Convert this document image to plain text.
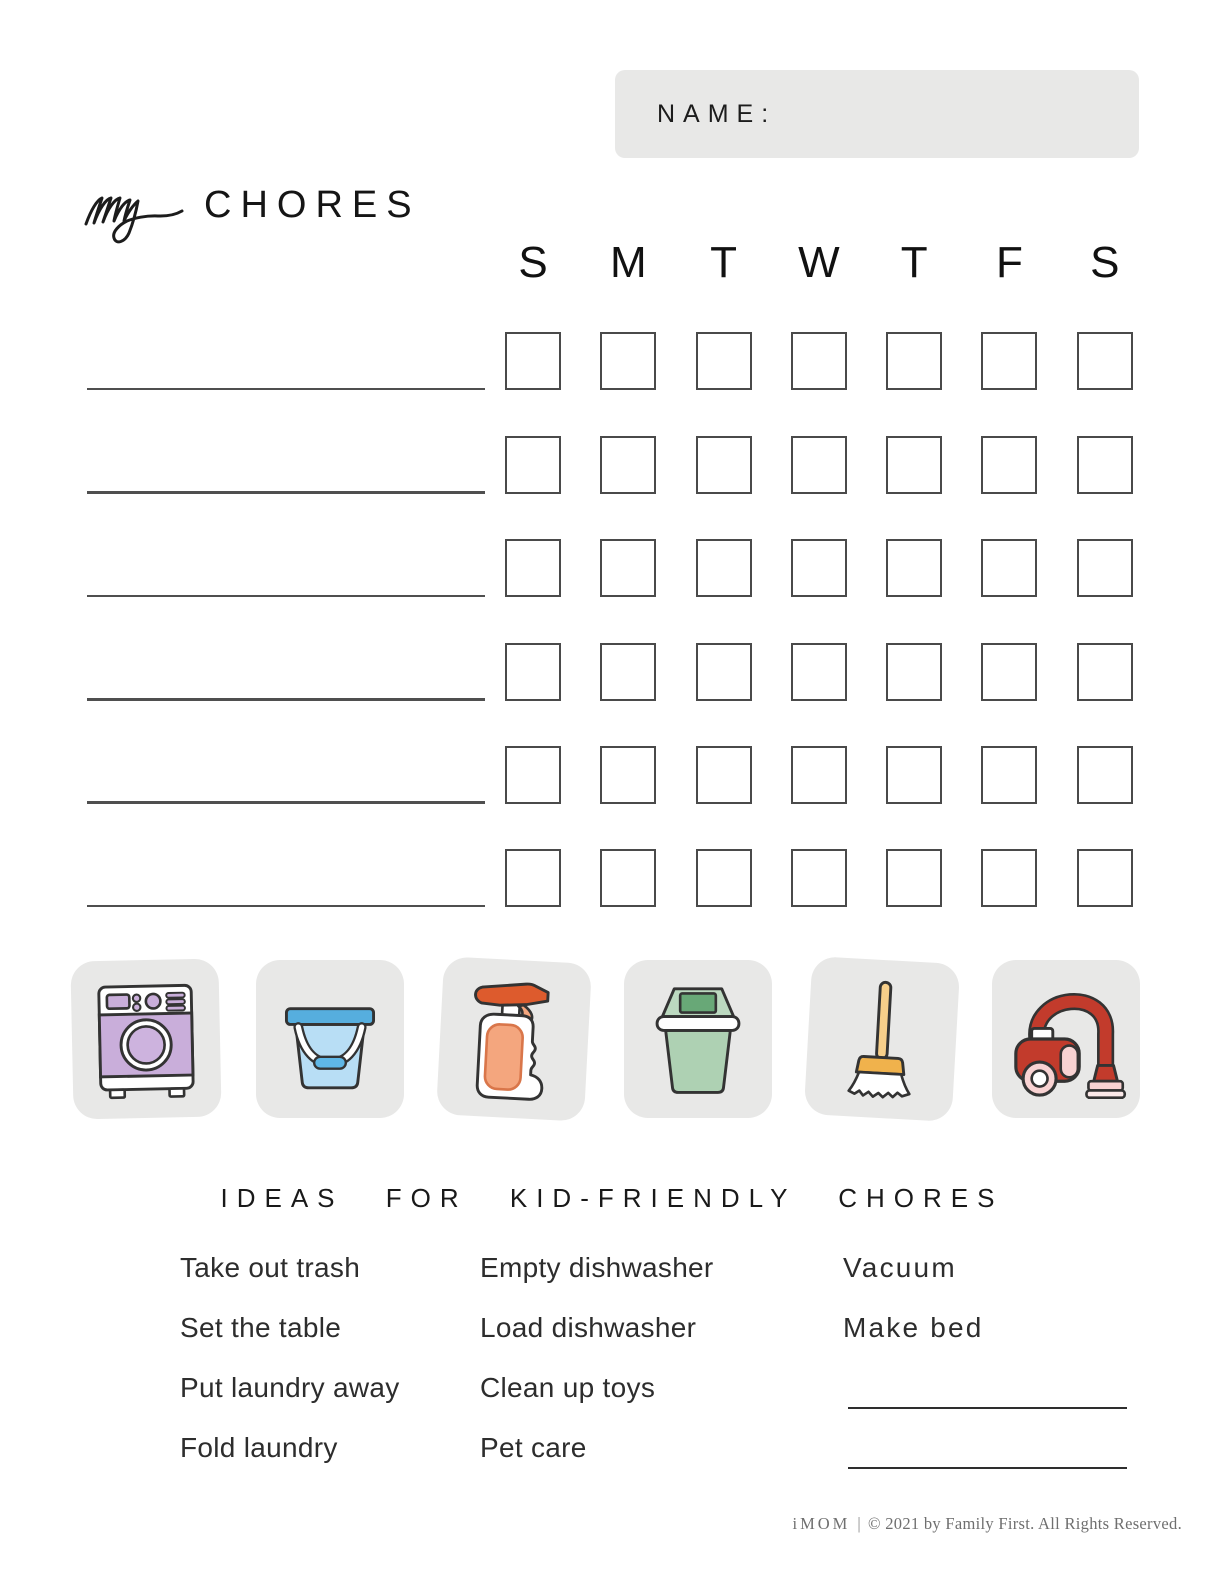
NAME:
CHORES
S	M	T	W	T	F	S
IDEAS FOR KID-FRIENDLY CHORES

Take out trash

Set the table

Put laundry away

Fold laundry

Empty dishwasher

Load dishwasher

Clean up toys

Pet care

Vacuum

Make bed

iMOM | © 2021 by Family First. All Rights Reserved.
